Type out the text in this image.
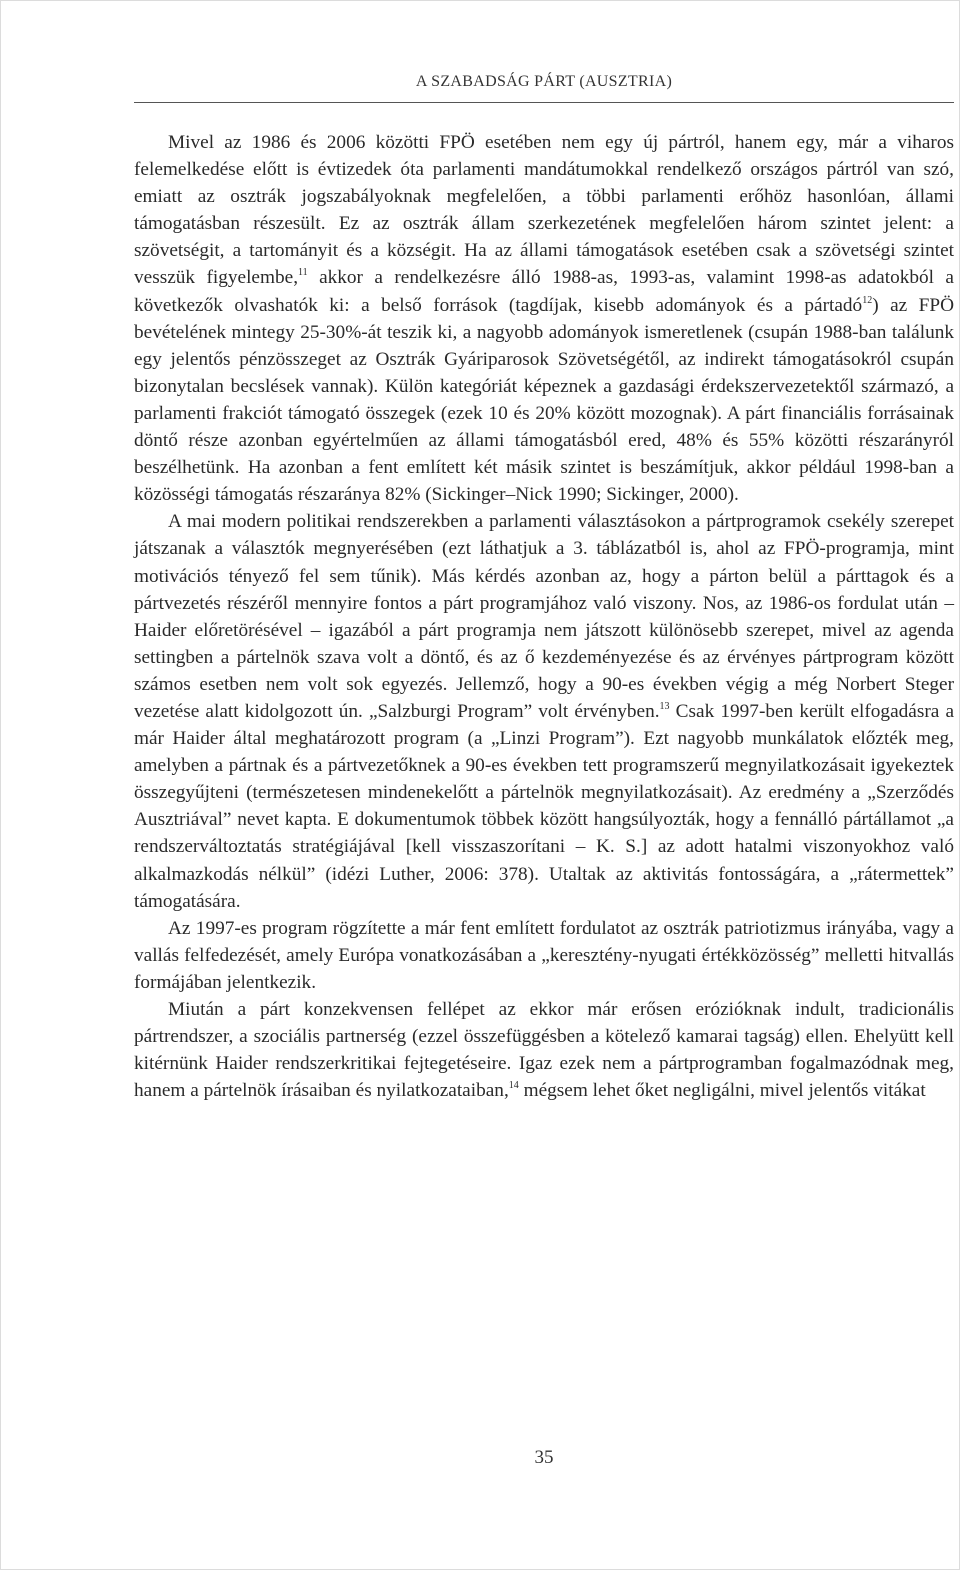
A SZABADSÁG PÁRT (AUSZTRIA)

Mivel az 1986 és 2006 közötti FPÖ esetében nem egy új pártról, hanem egy, már a viharos felemelkedése előtt is évtizedek óta parlamenti mandátumokkal rendelkező országos pártról van szó, emiatt az osztrák jogszabályoknak megfelelően, a többi parlamenti erőhöz hasonlóan, állami támogatásban részesült. Ez az osztrák állam szerkezetének megfelelően három szintet jelent: a szövetségit, a tartományit és a községit. Ha az állami támogatások esetében csak a szövetségi szintet vesszük figyelembe,$^{11}$ akkor a rendelkezésre álló 1988-as, 1993-as, valamint 1998-as adatokból a következők olvashatók ki: a belső források (tagdíjak, kisebb adományok és a pártadó$^{12}$) az FPÖ bevételének mintegy 25-30%-át teszik ki, a nagyobb adományok ismeretlenek (csupán 1988-ban találunk egy jelentős pénzösszeget az Osztrák Gyáriparosok Szövetségétől, az indirekt támogatásokról csupán bizonytalan becslések vannak). Külön kategóriát képeznek a gazdasági érdekszervezetektől származó, a parlamenti frakciót támogató összegek (ezek 10 és 20% között mozognak). A párt financiális forrásainak döntő része azonban egyértelműen az állami támogatásból ered, 48% és 55% közötti részarányról beszélhetünk. Ha azonban a fent említett két másik szintet is beszámítjuk, akkor például 1998-ban a közösségi támogatás részaránya 82% (Sickinger–Nick 1990; Sickinger, 2000).

A mai modern politikai rendszerekben a parlamenti választásokon a pártprogramok csekély szerepet játszanak a választók megnyerésében (ezt láthatjuk a 3. táblázatból is, ahol az FPÖ-programja, mint motivációs tényező fel sem tűnik). Más kérdés azonban az, hogy a párton belül a párttagok és a pártvezetés részéről mennyire fontos a párt programjához való viszony. Nos, az 1986-os fordulat után – Haider előretörésével – igazából a párt programja nem játszott különösebb szerepet, mivel az agenda settingben a pártelnök szava volt a döntő, és az ő kezdeményezése és az érvényes pártprogram között számos esetben nem volt sok egyezés. Jellemző, hogy a 90-es években végig a még Norbert Steger vezetése alatt kidolgozott ún. „Salzburgi Program” volt érvényben.$^{13}$ Csak 1997-ben került elfogadásra a már Haider által meghatározott program (a „Linzi Program”). Ezt nagyobb munkálatok előzték meg, amelyben a pártnak és a pártvezetőknek a 90-es években tett programszerű megnyilatkozásait igyekeztek összegyűjteni (természetesen mindenekelőtt a pártelnök megnyilatkozásait). Az eredmény a „Szerződés Ausztriával” nevet kapta. E dokumentumok többek között hangsúlyozták, hogy a fennálló pártállamot „a rendszerváltoztatás stratégiájával [kell visszaszorítani – K. S.] az adott hatalmi viszonyokhoz való alkalmazkodás nélkül” (idézi Luther, 2006: 378). Utaltak az aktivitás fontosságára, a „rátermettek” támogatására.

Az 1997-es program rögzítette a már fent említett fordulatot az osztrák patriotizmus irányába, vagy a vallás felfedezését, amely Európa vonatkozásában a „keresztény-nyugati értékközösség” melletti hitvallás formájában jelentkezik.

Miután a párt konzekvensen fellépet az ekkor már erősen erózióknak indult, tradicionális pártrendszer, a szociális partnerség (ezzel összefüggésben a kötelező kamarai tagság) ellen. Ehelyütt kell kitérnünk Haider rendszerkritikai fejtegetéseire. Igaz ezek nem a pártprogramban fogalmazódnak meg, hanem a pártelnök írásaiban és nyilatkozataiban,$^{14}$ mégsem lehet őket negligálni, mivel jelentős vitákat

35
